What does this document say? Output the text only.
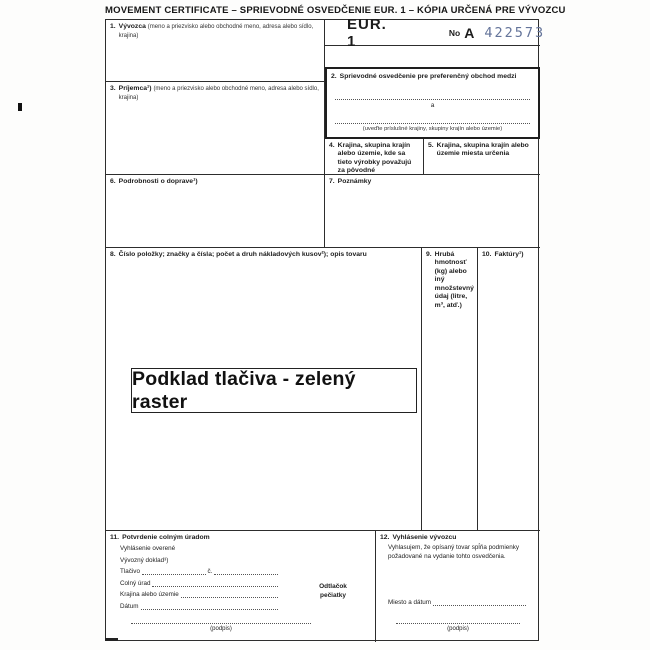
MOVEMENT CERTIFICATE – SPRIEVODNÉ OSVEDČENIE EUR. 1 – KÓPIA URČENÁ PRE VÝVOZCU
1. Vývozca (meno a priezvisko alebo obchodné meno, adresa alebo sídlo, krajina)
3. Príjemca¹) (meno a priezvisko alebo obchodné meno, adresa alebo sídlo, krajina)
6. Podrobnosti o doprave¹)
EUR. 1	No A 422573
2. Sprievodné osvedčenie pre preferenčný obchod medzi
a
(uveďte príslušné krajiny, skupiny krajín alebo územie)
4. Krajina, skupina krajín alebo územie, kde sa tieto výrobky považujú za pôvodné
5. Krajina, skupina krajín alebo územie miesta určenia
7. Poznámky
8. Číslo položky; značky a čísla; počet a druh nákladových kusov²); opis tovaru	9. Hrubá hmotnosť (kg) alebo iný množstevný údaj (litre, m³, atď.)
10. Faktúry¹)
Podklad tlačiva - zelený raster
11. Potvrdenie colným úradom
Vyhlásenie overené
Vývozný doklad³)
Tlačivo	č.
Colný úrad
Krajina alebo územie
Dátum
Odtlačok
pečiatky
(podpis)
12. Vyhlásenie vývozcu
Vyhlasujem, že opísaný tovar spĺňa podmienky požadované na vydanie tohto osvedčenia.
Miesto a dátum
(podpis)
